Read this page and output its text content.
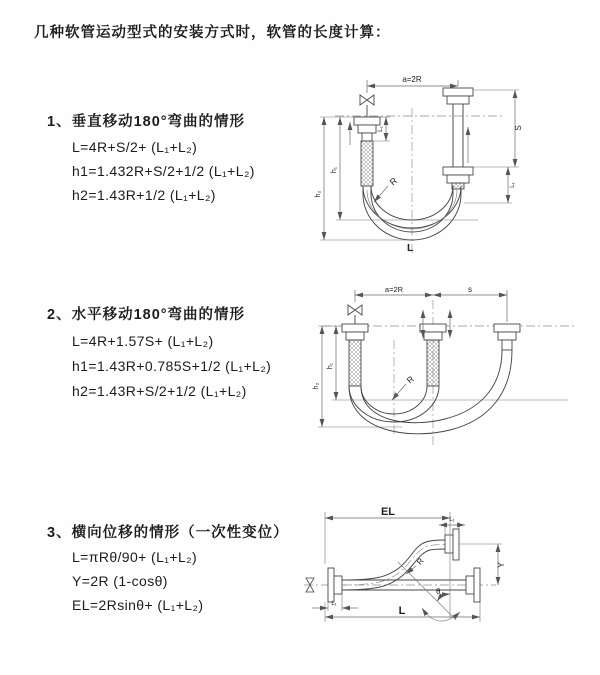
几种软管运动型式的安装方式时，软管的长度计算：
1、垂直移动180°弯曲的情形
L=4R+S/2+ (L₁+L₂)
h1=1.432R+S/2+1/2 (L₁+L₂)
h2=1.43R+1/2 (L₁+L₂)
a=2R
L₁	S
L₁
h₁
h₂
R
L
2、水平移动180°弯曲的情形
L=4R+1.57S+ (L₁+L₂)
h1=1.43R+0.785S+1/2 (L₁+L₂)
h2=1.43R+S/2+1/2 (L₁+L₂)
a=2R	s
h₁
h₂
R
3、横向位移的情形（一次性变位）
L=πRθ/90+ (L₁+L₂)
Y=2R (1-cosθ)
EL=2Rsinθ+ (L₁+L₂)
EL
L₁
Y
L
L₁
θ
R
